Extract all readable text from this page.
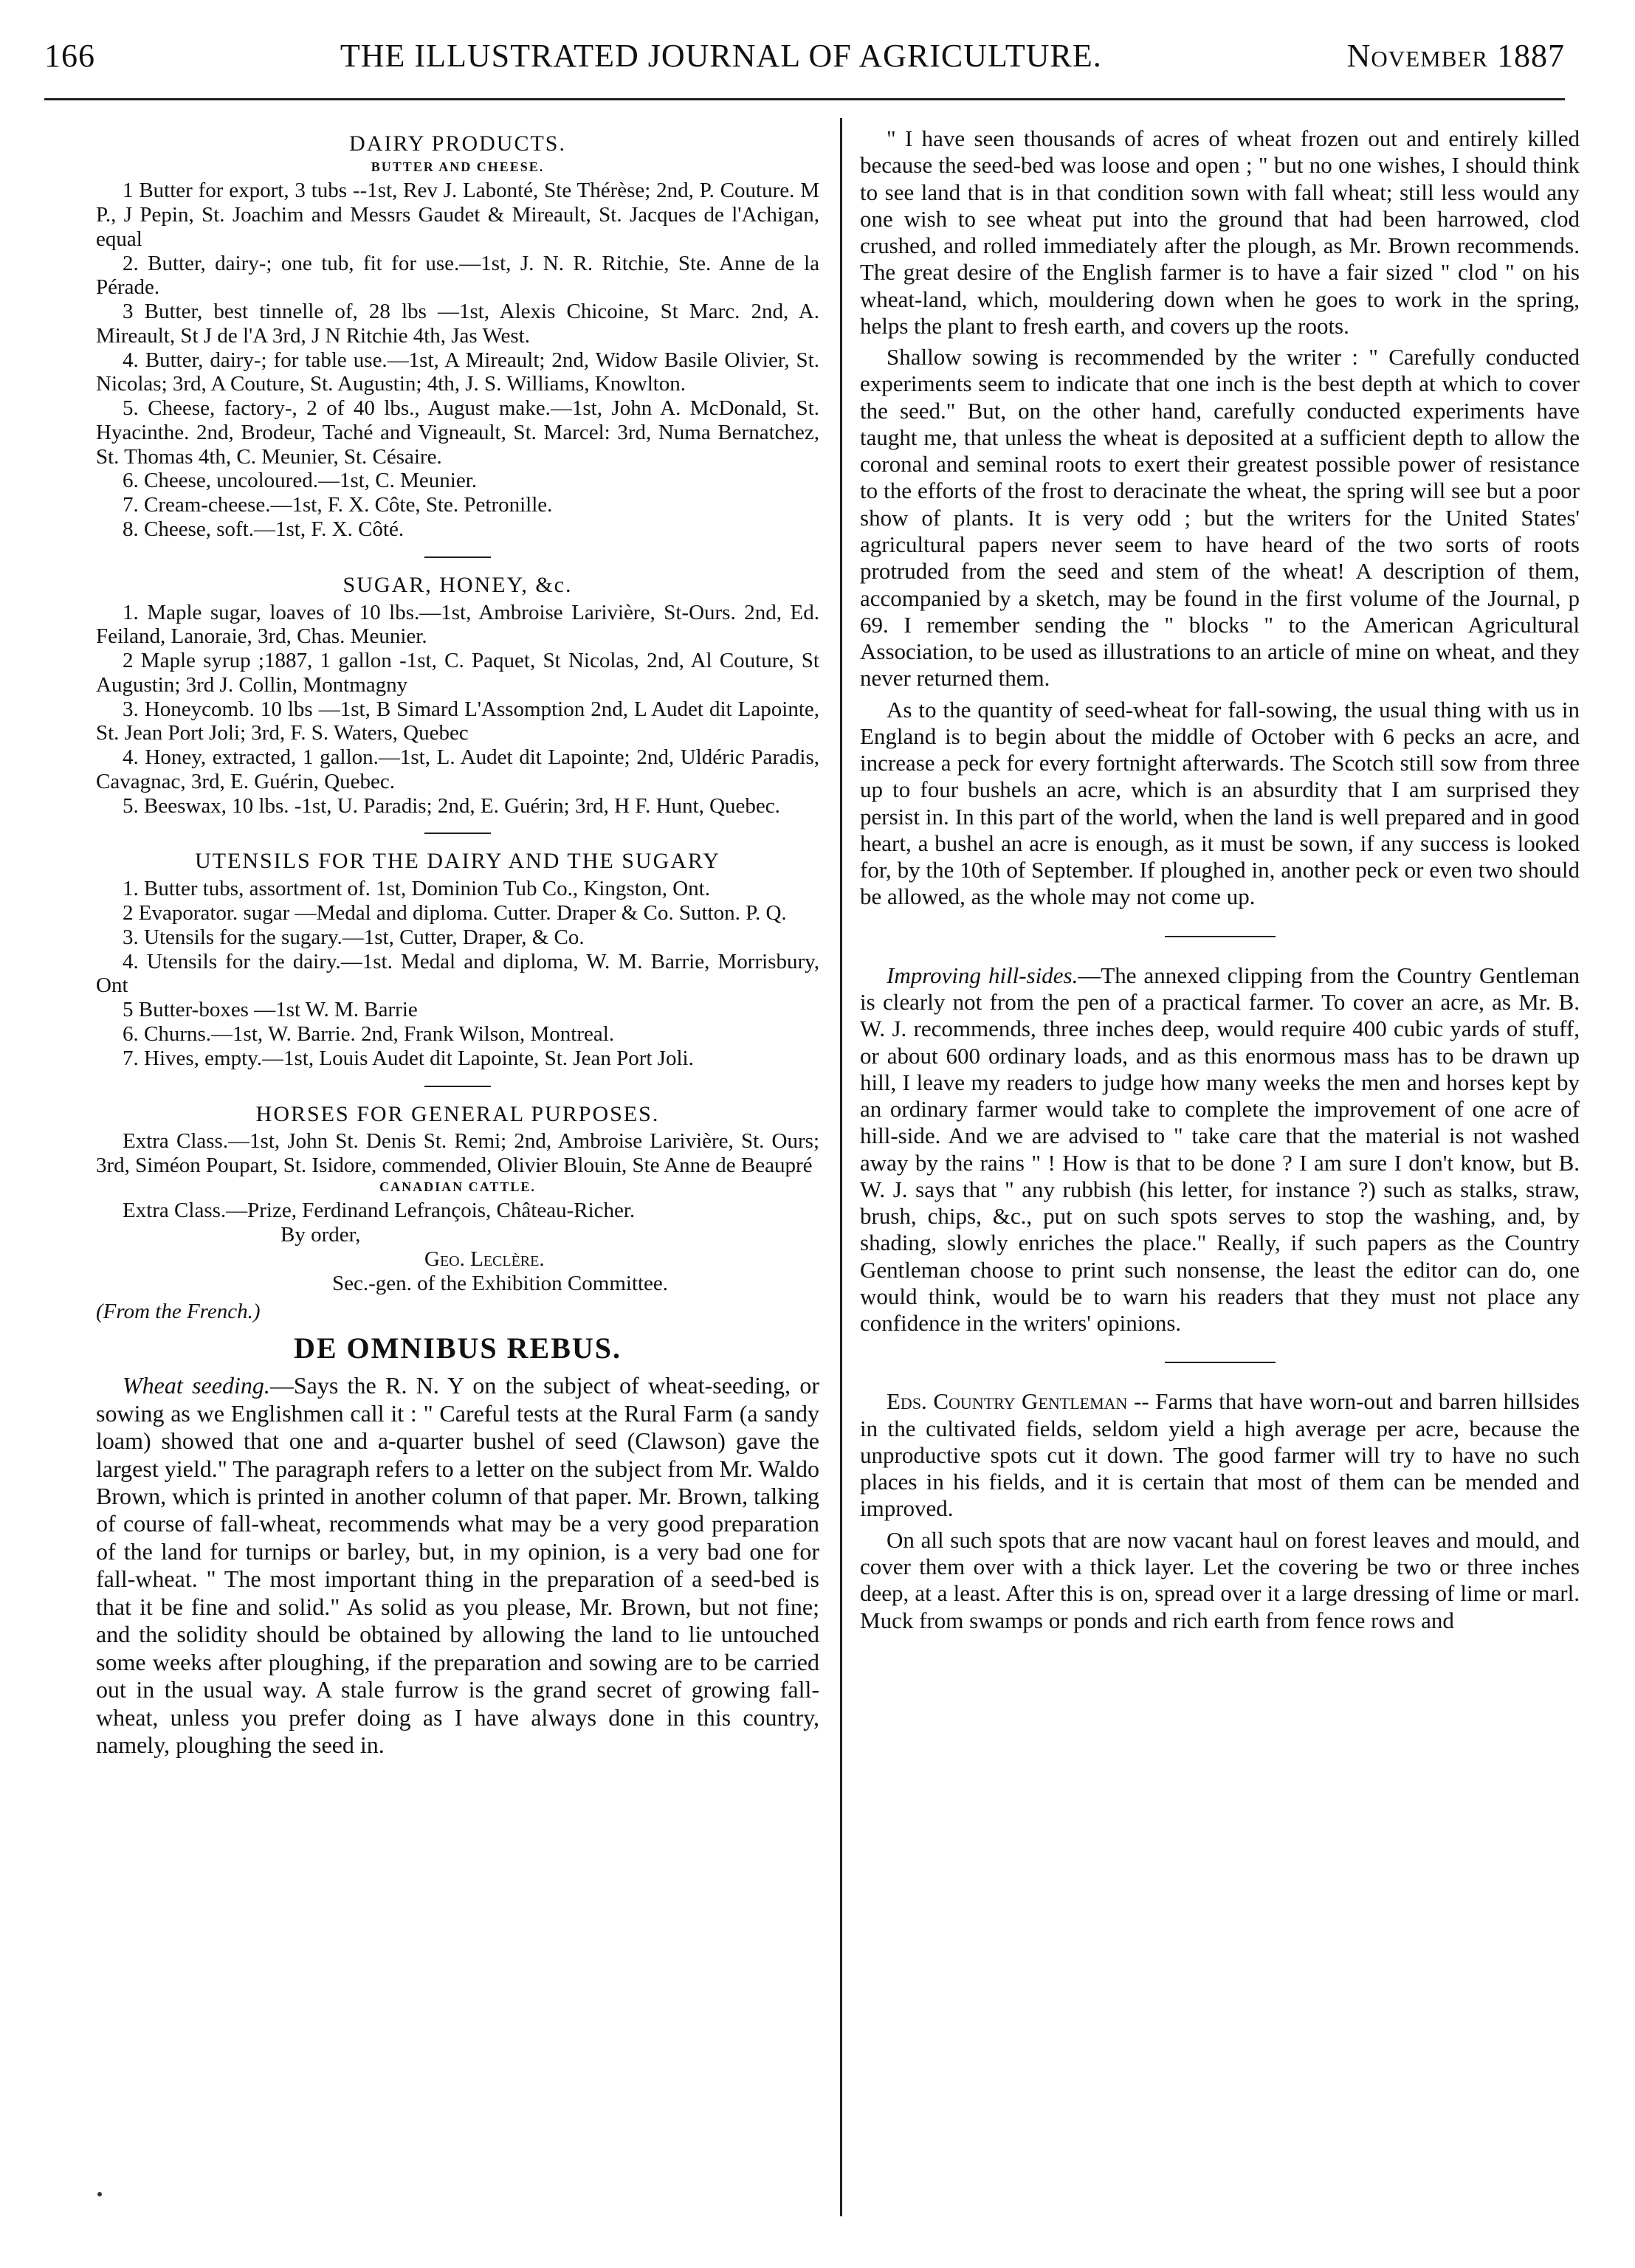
166	THE ILLUSTRATED JOURNAL OF AGRICULTURE.	November 1887
DAIRY PRODUCTS.
BUTTER AND CHEESE.

1 Butter for export, 3 tubs --1st, Rev J. Labonté, Ste Thérèse; 2nd, P. Couture. M P., J Pepin, St. Joachim and Messrs Gaudet & Mireault, St. Jacques de l'Achigan, equal

2. Butter, dairy-; one tub, fit for use.—1st, J. N. R. Ritchie, Ste. Anne de la Pérade.

3 Butter, best tinnelle of, 28 lbs —1st, Alexis Chicoine, St Marc. 2nd, A. Mireault, St J de l'A 3rd, J N Ritchie 4th, Jas West.

4. Butter, dairy-; for table use.—1st, A Mireault; 2nd, Widow Basile Olivier, St. Nicolas; 3rd, A Couture, St. Augustin; 4th, J. S. Williams, Knowlton.

5. Cheese, factory-, 2 of 40 lbs., August make.—1st, John A. McDonald, St. Hyacinthe. 2nd, Brodeur, Taché and Vigneault, St. Marcel: 3rd, Numa Bernatchez, St. Thomas 4th, C. Meunier, St. Césaire.

6. Cheese, uncoloured.—1st, C. Meunier.

7. Cream-cheese.—1st, F. X. Côte, Ste. Petronille.

8. Cheese, soft.—1st, F. X. Côté.

SUGAR, HONEY, &c.

1. Maple sugar, loaves of 10 lbs.—1st, Ambroise Larivière, St-Ours. 2nd, Ed. Feiland, Lanoraie, 3rd, Chas. Meunier.

2 Maple syrup ;1887, 1 gallon -1st, C. Paquet, St Nicolas, 2nd, Al Couture, St Augustin; 3rd J. Collin, Montmagny

3. Honeycomb. 10 lbs —1st, B Simard L'Assomption 2nd, L Audet dit Lapointe, St. Jean Port Joli; 3rd, F. S. Waters, Quebec

4. Honey, extracted, 1 gallon.—1st, L. Audet dit Lapointe; 2nd, Uldéric Paradis, Cavagnac, 3rd, E. Guérin, Quebec.

5. Beeswax, 10 lbs. -1st, U. Paradis; 2nd, E. Guérin; 3rd, H F. Hunt, Quebec.

UTENSILS FOR THE DAIRY AND THE SUGARY

1. Butter tubs, assortment of. 1st, Dominion Tub Co., Kingston, Ont.

2 Evaporator. sugar —Medal and diploma. Cutter. Draper & Co. Sutton. P. Q.

3. Utensils for the sugary.—1st, Cutter, Draper, & Co.

4. Utensils for the dairy.—1st. Medal and diploma, W. M. Barrie, Morrisbury, Ont

5 Butter-boxes —1st W. M. Barrie

6. Churns.—1st, W. Barrie. 2nd, Frank Wilson, Montreal.

7. Hives, empty.—1st, Louis Audet dit Lapointe, St. Jean Port Joli.

HORSES FOR GENERAL PURPOSES.

Extra Class.—1st, John St. Denis St. Remi; 2nd, Ambroise Larivière, St. Ours; 3rd, Siméon Poupart, St. Isidore, commended, Olivier Blouin, Ste Anne de Beaupré

CANADIAN CATTLE.

Extra Class.—Prize, Ferdinand Lefrançois, Château-Richer.

By order,

Geo. Leclère.

Sec.-gen. of the Exhibition Committee.

(From the French.)

DE OMNIBUS REBUS.

Wheat seeding.—Says the R. N. Y on the subject of wheat-seeding, or sowing as we Englishmen call it : " Careful tests at the Rural Farm (a sandy loam) showed that one and a-quarter bushel of seed (Clawson) gave the largest yield." The paragraph refers to a letter on the subject from Mr. Waldo Brown, which is printed in another column of that paper. Mr. Brown, talking of course of fall-wheat, recommends what may be a very good preparation of the land for turnips or barley, but, in my opinion, is a very bad one for fall-wheat. " The most important thing in the preparation of a seed-bed is that it be fine and solid." As solid as you please, Mr. Brown, but not fine; and the solidity should be obtained by allowing the land to lie untouched some weeks after ploughing, if the preparation and sowing are to be carried out in the usual way. A stale furrow is the grand secret of growing fall-wheat, unless you prefer doing as I have always done in this country, namely, ploughing the seed in.

" I have seen thousands of acres of wheat frozen out and entirely killed because the seed-bed was loose and open ; " but no one wishes, I should think to see land that is in that condition sown with fall wheat; still less would any one wish to see wheat put into the ground that had been harrowed, clod crushed, and rolled immediately after the plough, as Mr. Brown recommends. The great desire of the English farmer is to have a fair sized " clod " on his wheat-land, which, mouldering down when he goes to work in the spring, helps the plant to fresh earth, and covers up the roots.

Shallow sowing is recommended by the writer : " Carefully conducted experiments seem to indicate that one inch is the best depth at which to cover the seed." But, on the other hand, carefully conducted experiments have taught me, that unless the wheat is deposited at a sufficient depth to allow the coronal and seminal roots to exert their greatest possible power of resistance to the efforts of the frost to deracinate the wheat, the spring will see but a poor show of plants. It is very odd ; but the writers for the United States' agricultural papers never seem to have heard of the two sorts of roots protruded from the seed and stem of the wheat! A description of them, accompanied by a sketch, may be found in the first volume of the Journal, p 69. I remember sending the " blocks " to the American Agricultural Association, to be used as illustrations to an article of mine on wheat, and they never returned them.

As to the quantity of seed-wheat for fall-sowing, the usual thing with us in England is to begin about the middle of October with 6 pecks an acre, and increase a peck for every fortnight afterwards. The Scotch still sow from three up to four bushels an acre, which is an absurdity that I am surprised they persist in. In this part of the world, when the land is well prepared and in good heart, a bushel an acre is enough, as it must be sown, if any success is looked for, by the 10th of September. If ploughed in, another peck or even two should be allowed, as the whole may not come up.

Improving hill-sides.—The annexed clipping from the Country Gentleman is clearly not from the pen of a practical farmer. To cover an acre, as Mr. B. W. J. recommends, three inches deep, would require 400 cubic yards of stuff, or about 600 ordinary loads, and as this enormous mass has to be drawn up hill, I leave my readers to judge how many weeks the men and horses kept by an ordinary farmer would take to complete the improvement of one acre of hill-side. And we are advised to " take care that the material is not washed away by the rains " ! How is that to be done ? I am sure I don't know, but B. W. J. says that " any rubbish (his letter, for instance ?) such as stalks, straw, brush, chips, &c., put on such spots serves to stop the washing, and, by shading, slowly enriches the place." Really, if such papers as the Country Gentleman choose to print such nonsense, the least the editor can do, one would think, would be to warn his readers that they must not place any confidence in the writers' opinions.

Eds. Country Gentleman -- Farms that have worn-out and barren hillsides in the cultivated fields, seldom yield a high average per acre, because the unproductive spots cut it down. The good farmer will try to have no such places in his fields, and it is certain that most of them can be mended and improved.

On all such spots that are now vacant haul on forest leaves and mould, and cover them over with a thick layer. Let the covering be two or three inches deep, at a least. After this is on, spread over it a large dressing of lime or marl. Muck from swamps or ponds and rich earth from fence rows and
